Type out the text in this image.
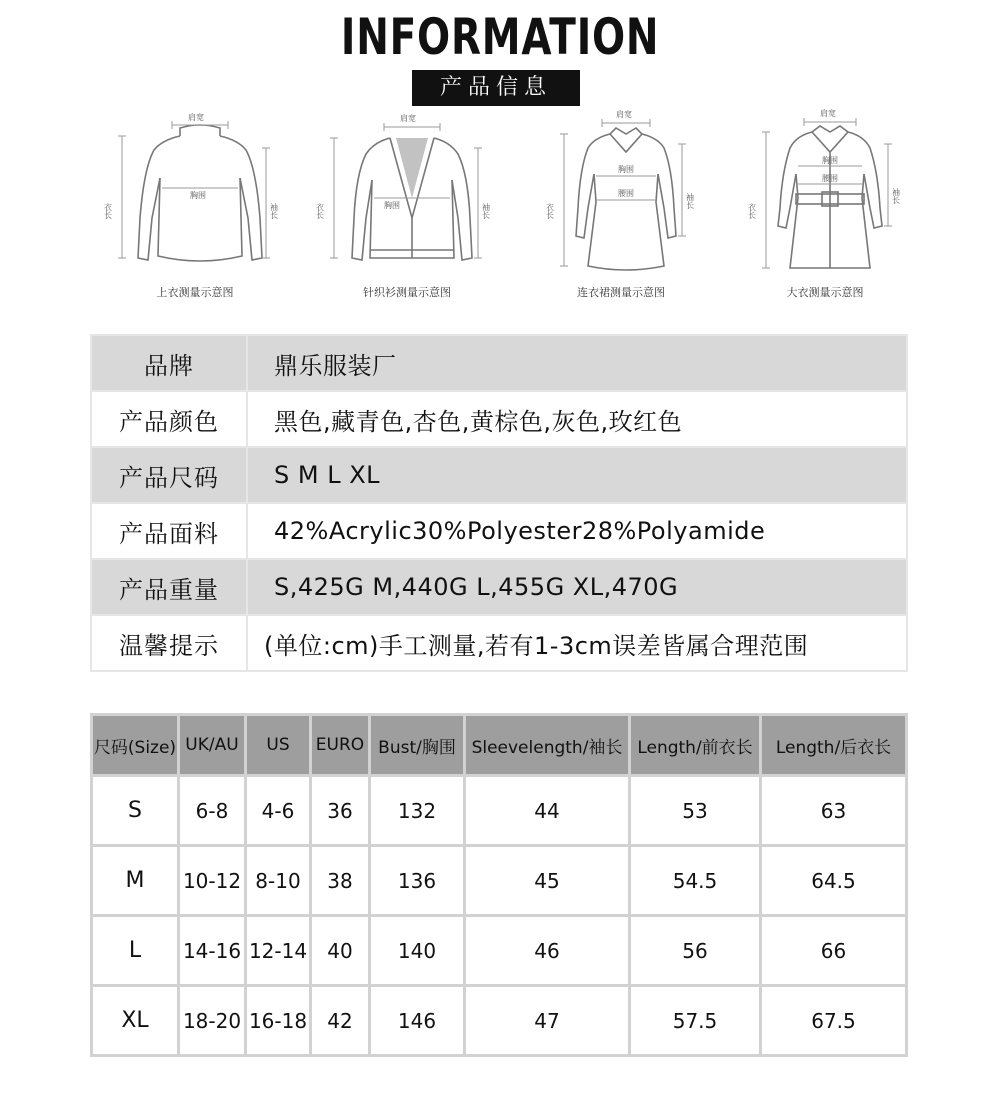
INFORMATION
产品信息
肩宽
胸围
衣长	袖长
上衣测量示意图
肩宽
胸围
衣长	袖长
针织衫测量示意图
肩宽
胸围
腰围
衣长
袖长
连衣裙测量示意图
肩宽
胸围
腰围
衣长
袖长
大衣测量示意图
品牌	鼎乐服装厂
产品颜色	黑色,藏青色,杏色,黄棕色,灰色,玫红色
产品尺码	S M L XL
产品面料	42%Acrylic30%Polyester28%Polyamide
产品重量	S,425G M,440G L,455G XL,470G
温馨提示	(单位:cm)手工测量,若有1-3cm误差皆属合理范围
尺码(Size)	UK/AU	US	EURO	Bust/胸围	Sleevelength/袖长	Length/前衣长	Length/后衣长
S	6-8	4-6	36	132	44	53	63
M	10-12	8-10	38	136	45	54.5	64.5
L	14-16	12-14	40	140	46	56	66
XL	18-20	16-18	42	146	47	57.5	67.5
